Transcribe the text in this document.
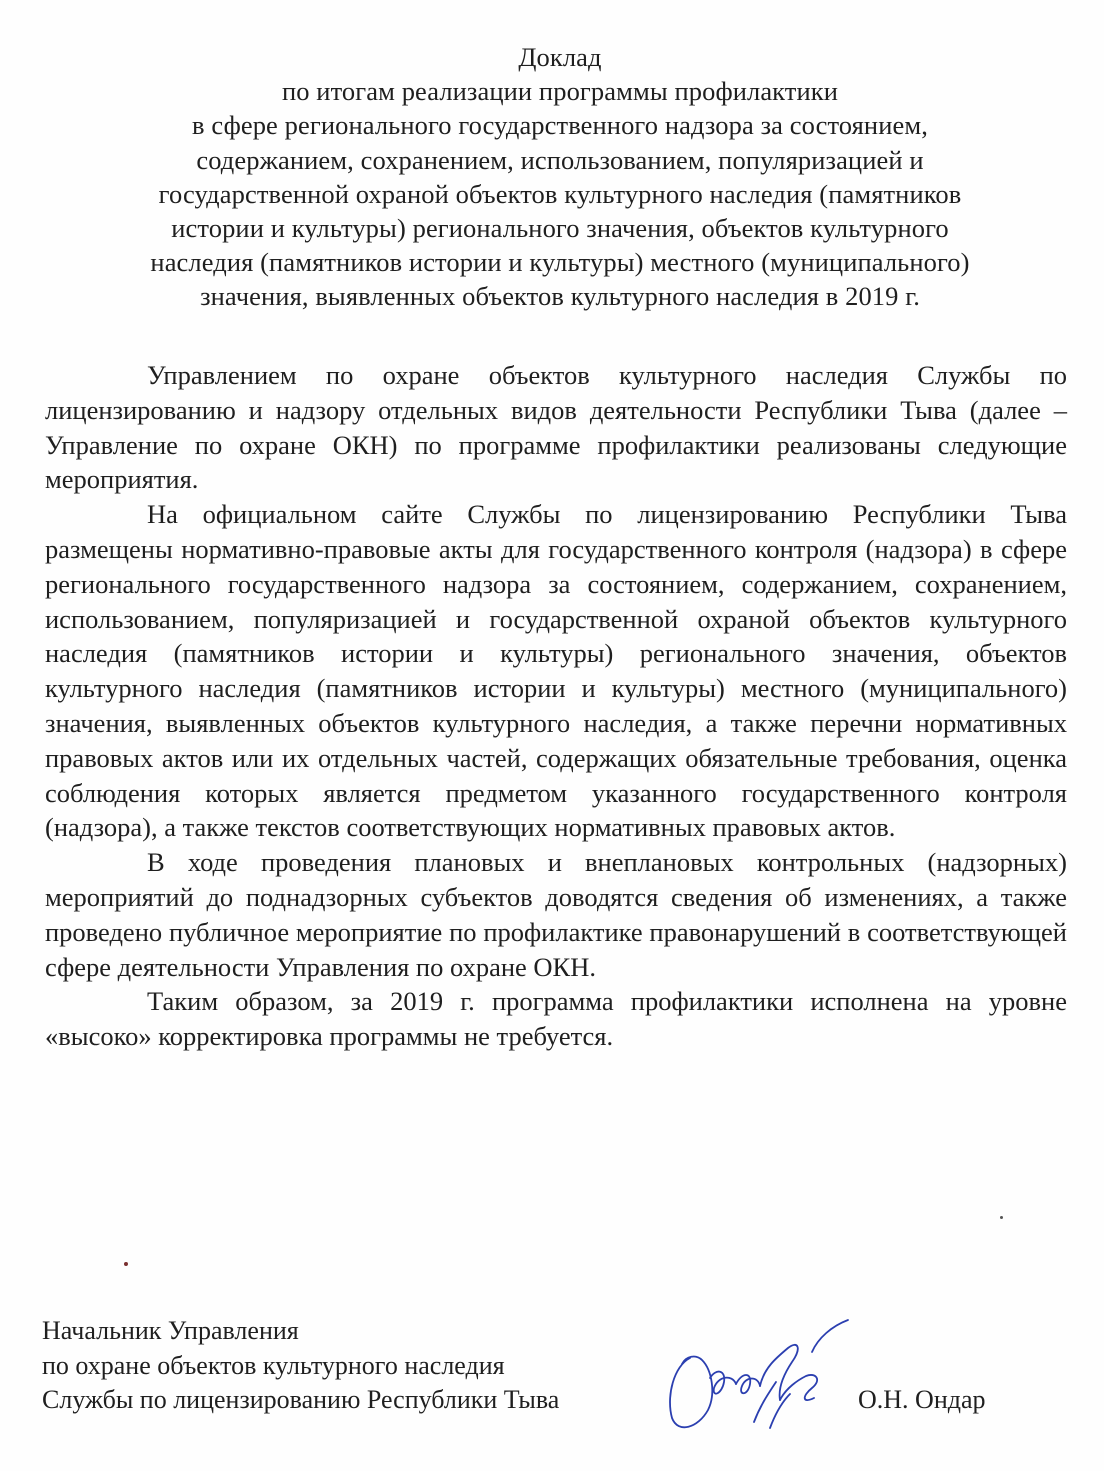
Доклад
по итогам реализации программы профилактики
в сфере регионального государственного надзора за состоянием,
содержанием, сохранением, использованием, популяризацией и
государственной охраной объектов культурного наследия (памятников
истории и культуры) регионального значения, объектов культурного
наследия (памятников истории и культуры) местного (муниципального)
значения, выявленных объектов культурного наследия в 2019 г.

Управлением по охране объектов культурного наследия Службы по лицензированию и надзору отдельных видов деятельности Республики Тыва (далее – Управление по охране ОКН) по программе профилактики реализованы следующие мероприятия.

На официальном сайте Службы по лицензированию Республики Тыва размещены нормативно-правовые акты для государственного контроля (надзора) в сфере регионального государственного надзора за состоянием, содержанием, сохранением, использованием, популяризацией и государственной охраной объектов культурного наследия (памятников истории и культуры) регионального значения, объектов культурного наследия (памятников истории и культуры) местного (муниципального) значения, выявленных объектов культурного наследия, а также перечни нормативных правовых актов или их отдельных частей, содержащих обязательные требования, оценка соблюдения которых является предметом указанного государственного контроля (надзора), а также текстов соответствующих нормативных правовых актов.

В ходе проведения плановых и внеплановых контрольных (надзорных) мероприятий до поднадзорных субъектов доводятся сведения об изменениях, а также проведено публичное мероприятие по профилактике правонарушений в соответствующей сфере деятельности Управления по охране ОКН.

Таким образом, за 2019 г. программа профилактики исполнена на уровне «высоко» корректировка программы не требуется.

Начальник Управления
по охране объектов культурного наследия
Службы по лицензированию Республики Тыва	О.Н. Ондар
